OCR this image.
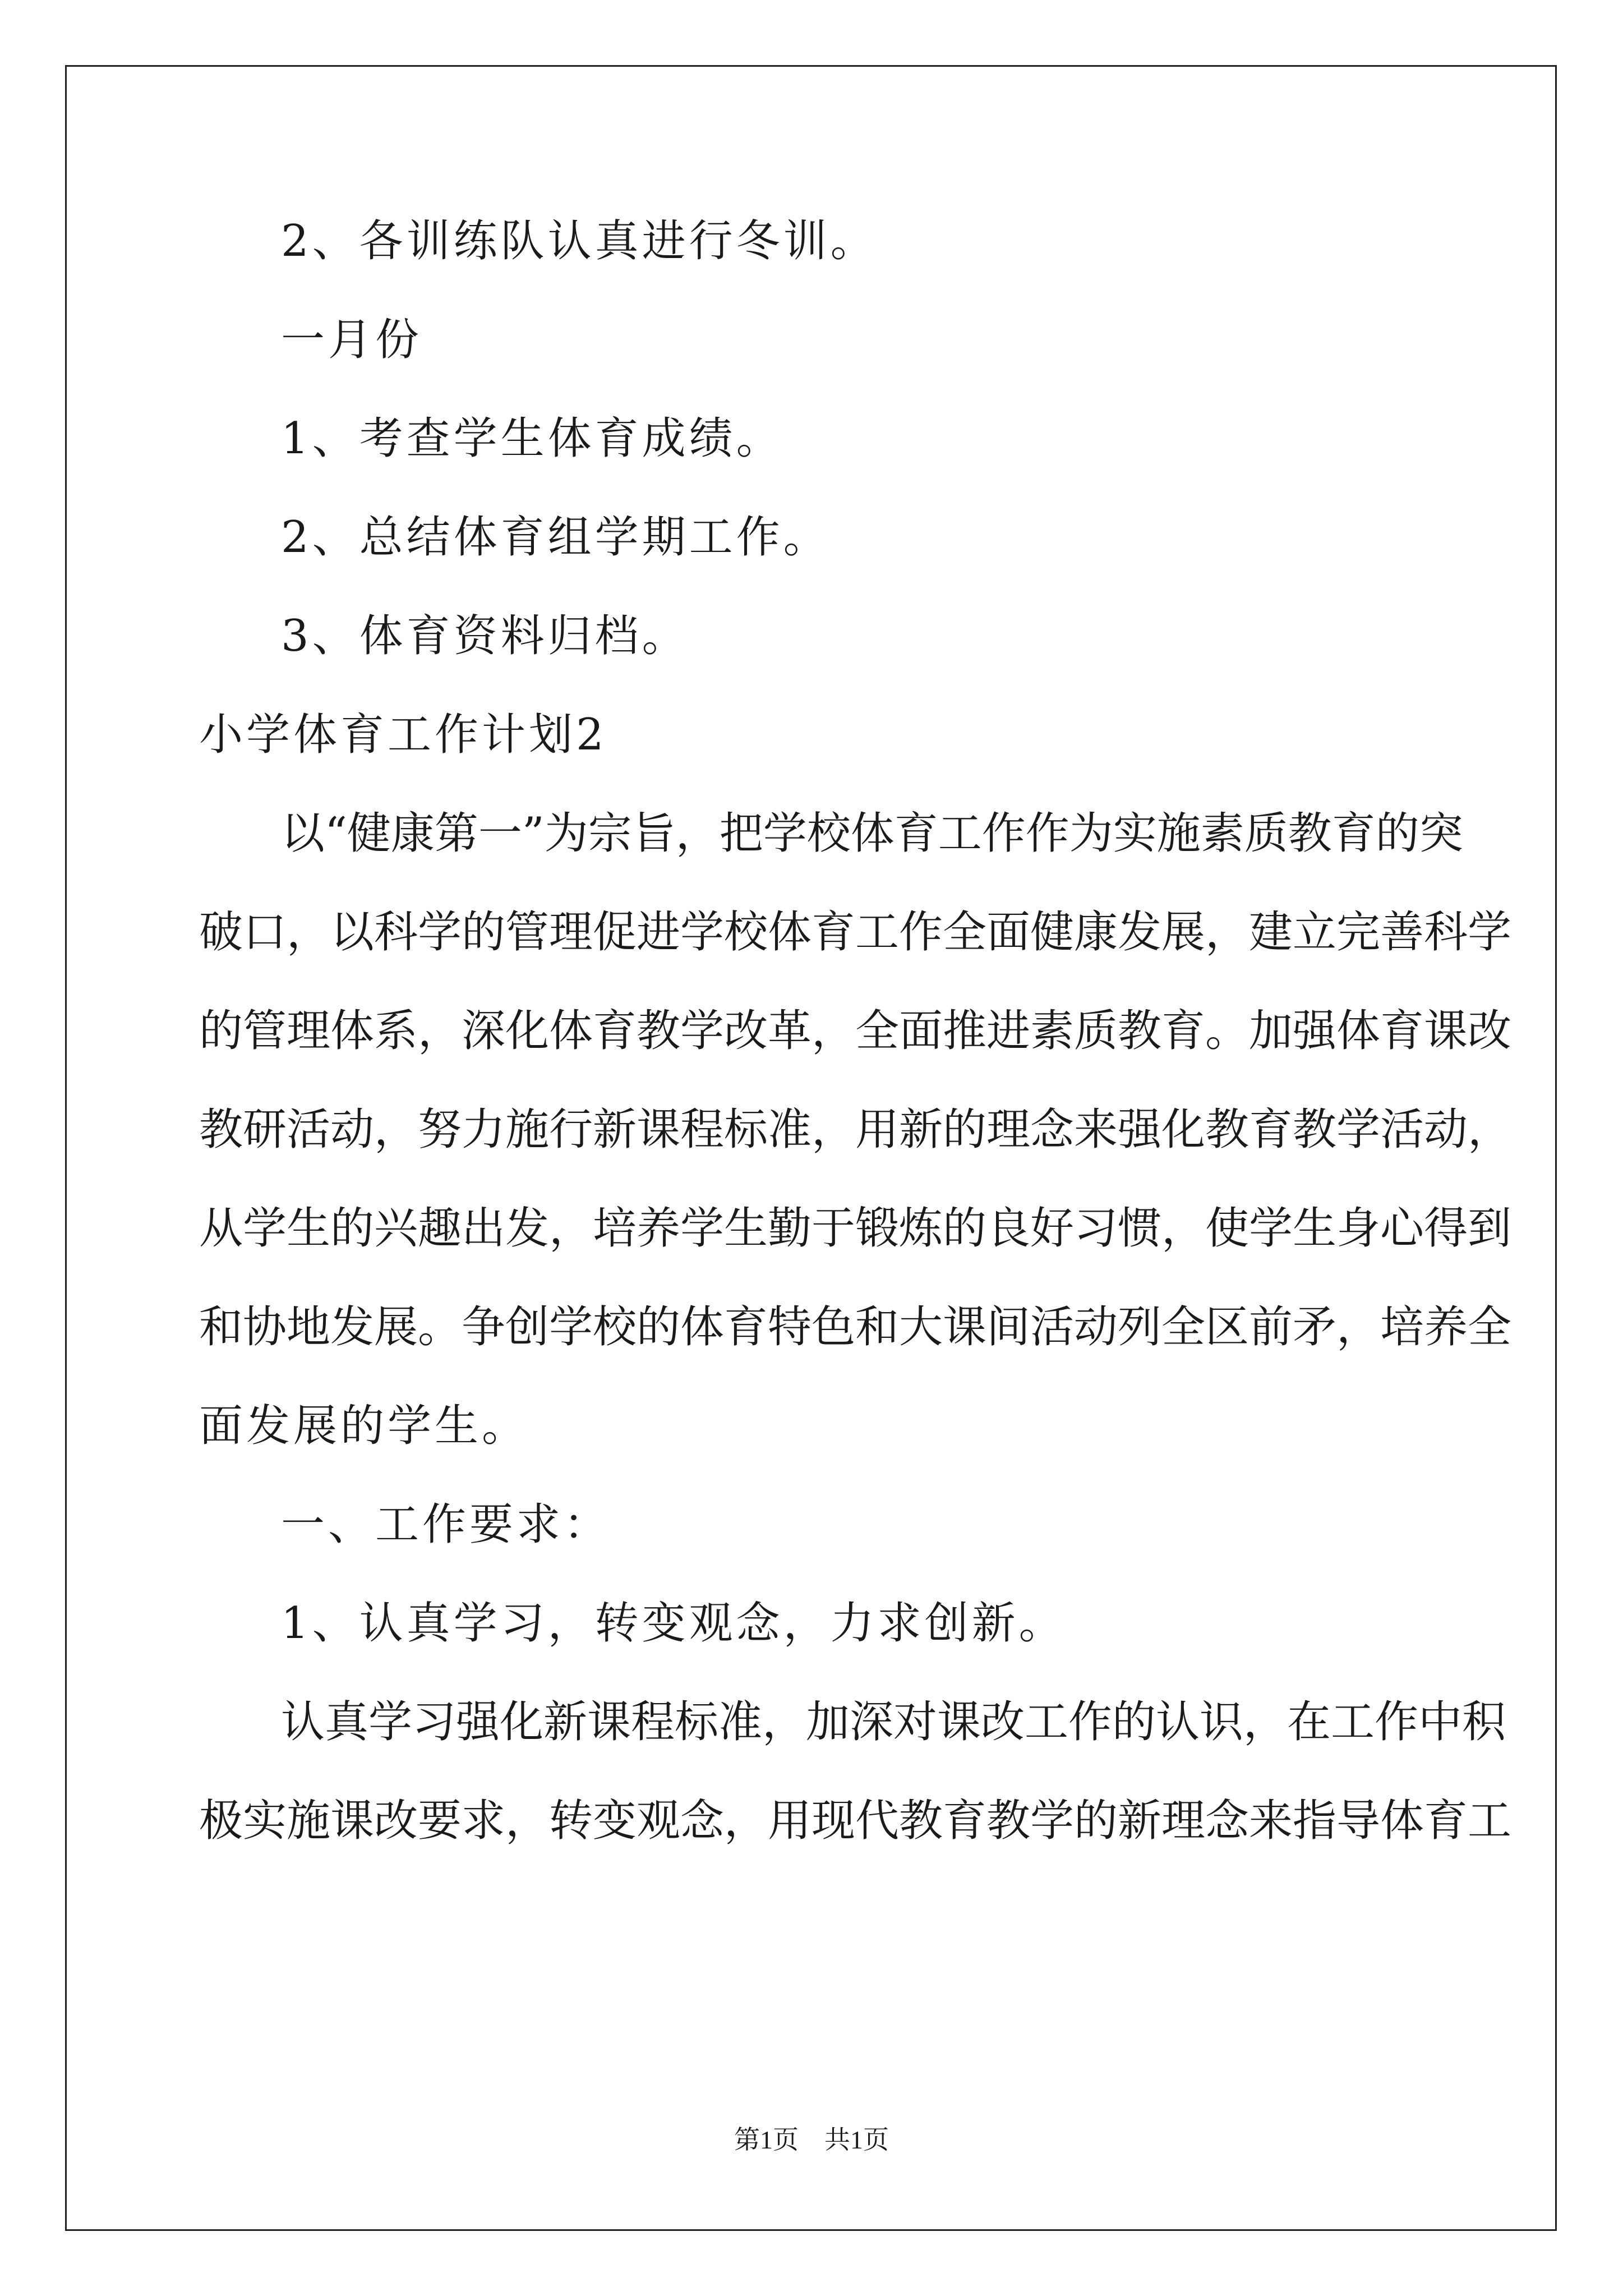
2、各训练队认真进行冬训。
一月份
1、考查学生体育成绩。
2、总结体育组学期工作。
3、体育资料归档。
小学体育工作计划2
以“健康第一”为宗旨，把学校体育工作作为实施素质教育的突
破口，以科学的管理促进学校体育工作全面健康发展，建立完善科学
的管理体系，深化体育教学改革，全面推进素质教育。加强体育课改
教研活动，努力施行新课程标准，用新的理念来强化教育教学活动，
从学生的兴趣出发，培养学生勤于锻炼的良好习惯，使学生身心得到
和协地发展。争创学校的体育特色和大课间活动列全区前矛，培养全
面发展的学生。
一、工作要求：
1、认真学习，转变观念，力求创新。
认真学习强化新课程标准，加深对课改工作的认识，在工作中积
极实施课改要求，转变观念，用现代教育教学的新理念来指导体育工
第1页 共1页
